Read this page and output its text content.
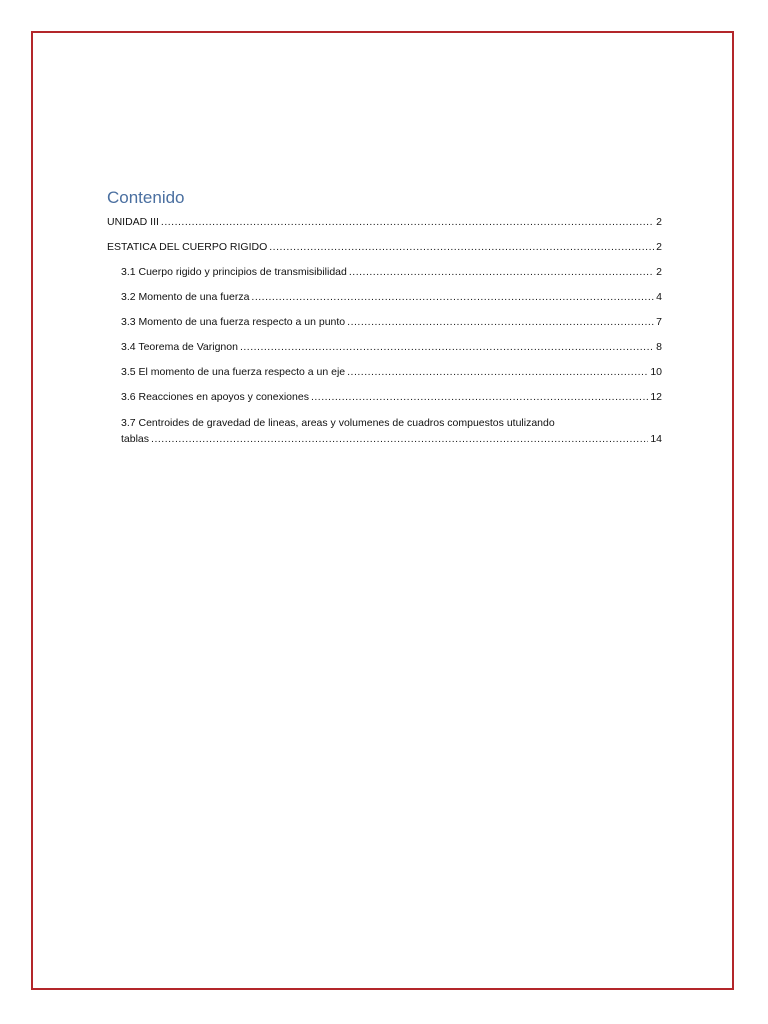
Contenido
UNIDAD III .....	2
ESTATICA DEL CUERPO RIGIDO .....	2
3.1 Cuerpo rigido y principios de transmisibilidad .....	2
3.2 Momento de una fuerza .....	4
3.3 Momento de una fuerza respecto a un punto .....	7
3.4 Teorema de Varignon .....	8
3.5 El momento de una fuerza respecto a un eje .....	10
3.6 Reacciones en apoyos y conexiones .....	12
3.7 Centroides de gravedad de lineas, areas y volumenes de cuadros compuestos utulizando
tablas .....	14
